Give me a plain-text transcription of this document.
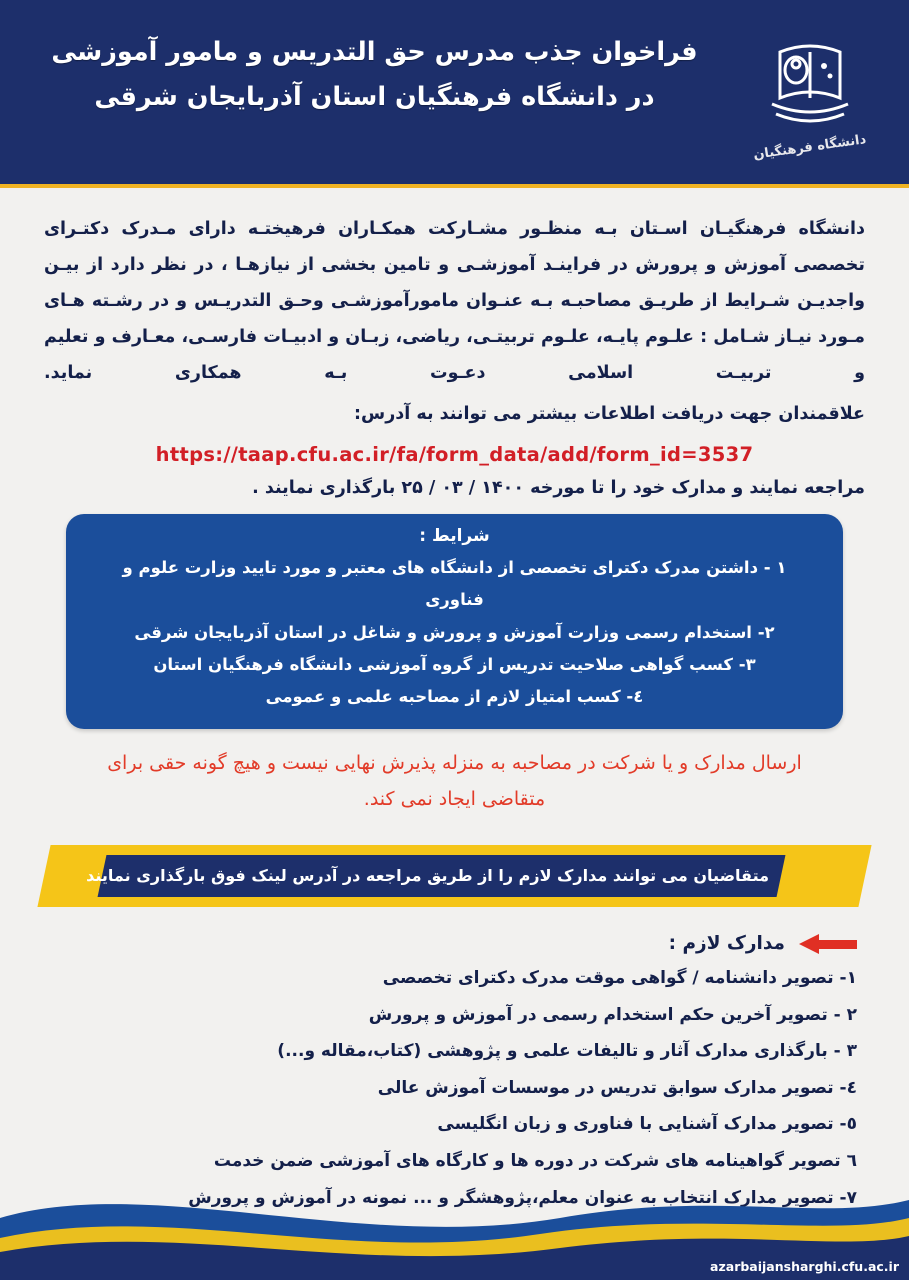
دانشگاه فرهنگیان
فراخوان جذب مدرس حق التدریس و مامور آموزشی
در دانشگاه فرهنگیان استان آذربایجان شرقی

دانشگاه فرهنگیـان اسـتان بـه منظـور مشـارکت همکـاران فرهیختـه دارای مـدرک دکتـرای تخصصی آموزش و پرورش در فراینـد آموزشـی و تامین بخشی از نیازهـا ، در نظر دارد از بیـن واجدیـن شـرایط از طریـق مصاحبـه بـه عنـوان مامورآموزشـی وحـق التدریـس و در رشـته هـای مـورد نیـاز شـامل : علـوم پایـه، علـوم تربیتـی، ریاضی، زبـان و ادبیـات فارسـی، معـارف و تعلیم و تربیـت اسلامی دعـوت بـه همکاری نماید.

علاقمندان جهت دریافت اطلاعات بیشتر می توانند به آدرس:

https://taap.cfu.ac.ir/fa/form_data/add/form_id=3537

مراجعه نمایند و مدارک خود را تا مورخه ۱۴۰۰ / ۰۳ / ۲۵ بارگذاری نمایند .

شرایط :
۱ - داشتن مدرک دکترای تخصصی از دانشگاه های معتبر و مورد تایید وزارت علوم و فناوری
۲- استخدام رسمی وزارت آموزش و پرورش و شاغل در استان آذربایجان شرقی
۳- کسب گواهی صلاحیت تدریس از گروه آموزشی دانشگاه فرهنگیان استان
٤- کسب امتیاز لازم از مصاحبه علمی و عمومی
ارسال مدارک و یا شرکت در مصاحبه به منزله پذیرش نهایی نیست و هیچ گونه حقی برای متقاضی ایجاد نمی کند.
متقاضیان می توانند مدارک لازم را از طریق مراجعه در آدرس لینک فوق بارگذاری نمایند
مدارک لازم :
۱- تصویر دانشنامه / گواهی موقت مدرک دکترای تخصصی
۲ - تصویر آخرین حکم استخدام رسمی در آموزش و پرورش
۳ - بارگذاری مدارک آثار و تالیفات علمی و پژوهشی (کتاب،مقاله و...)
٤- تصویر مدارک سوابق تدریس در موسسات آموزش عالی
٥- تصویر مدارک آشنایی با فناوری و زبان انگلیسی
٦ تصویر گواهینامه های شرکت در دوره ها و کارگاه های آموزشی ضمن خدمت
۷- تصویر مدارک انتخاب به عنوان معلم،پژوهشگر و ... نمونه در آموزش و پرورش
azarbaijansharghi.cfu.ac.ir
